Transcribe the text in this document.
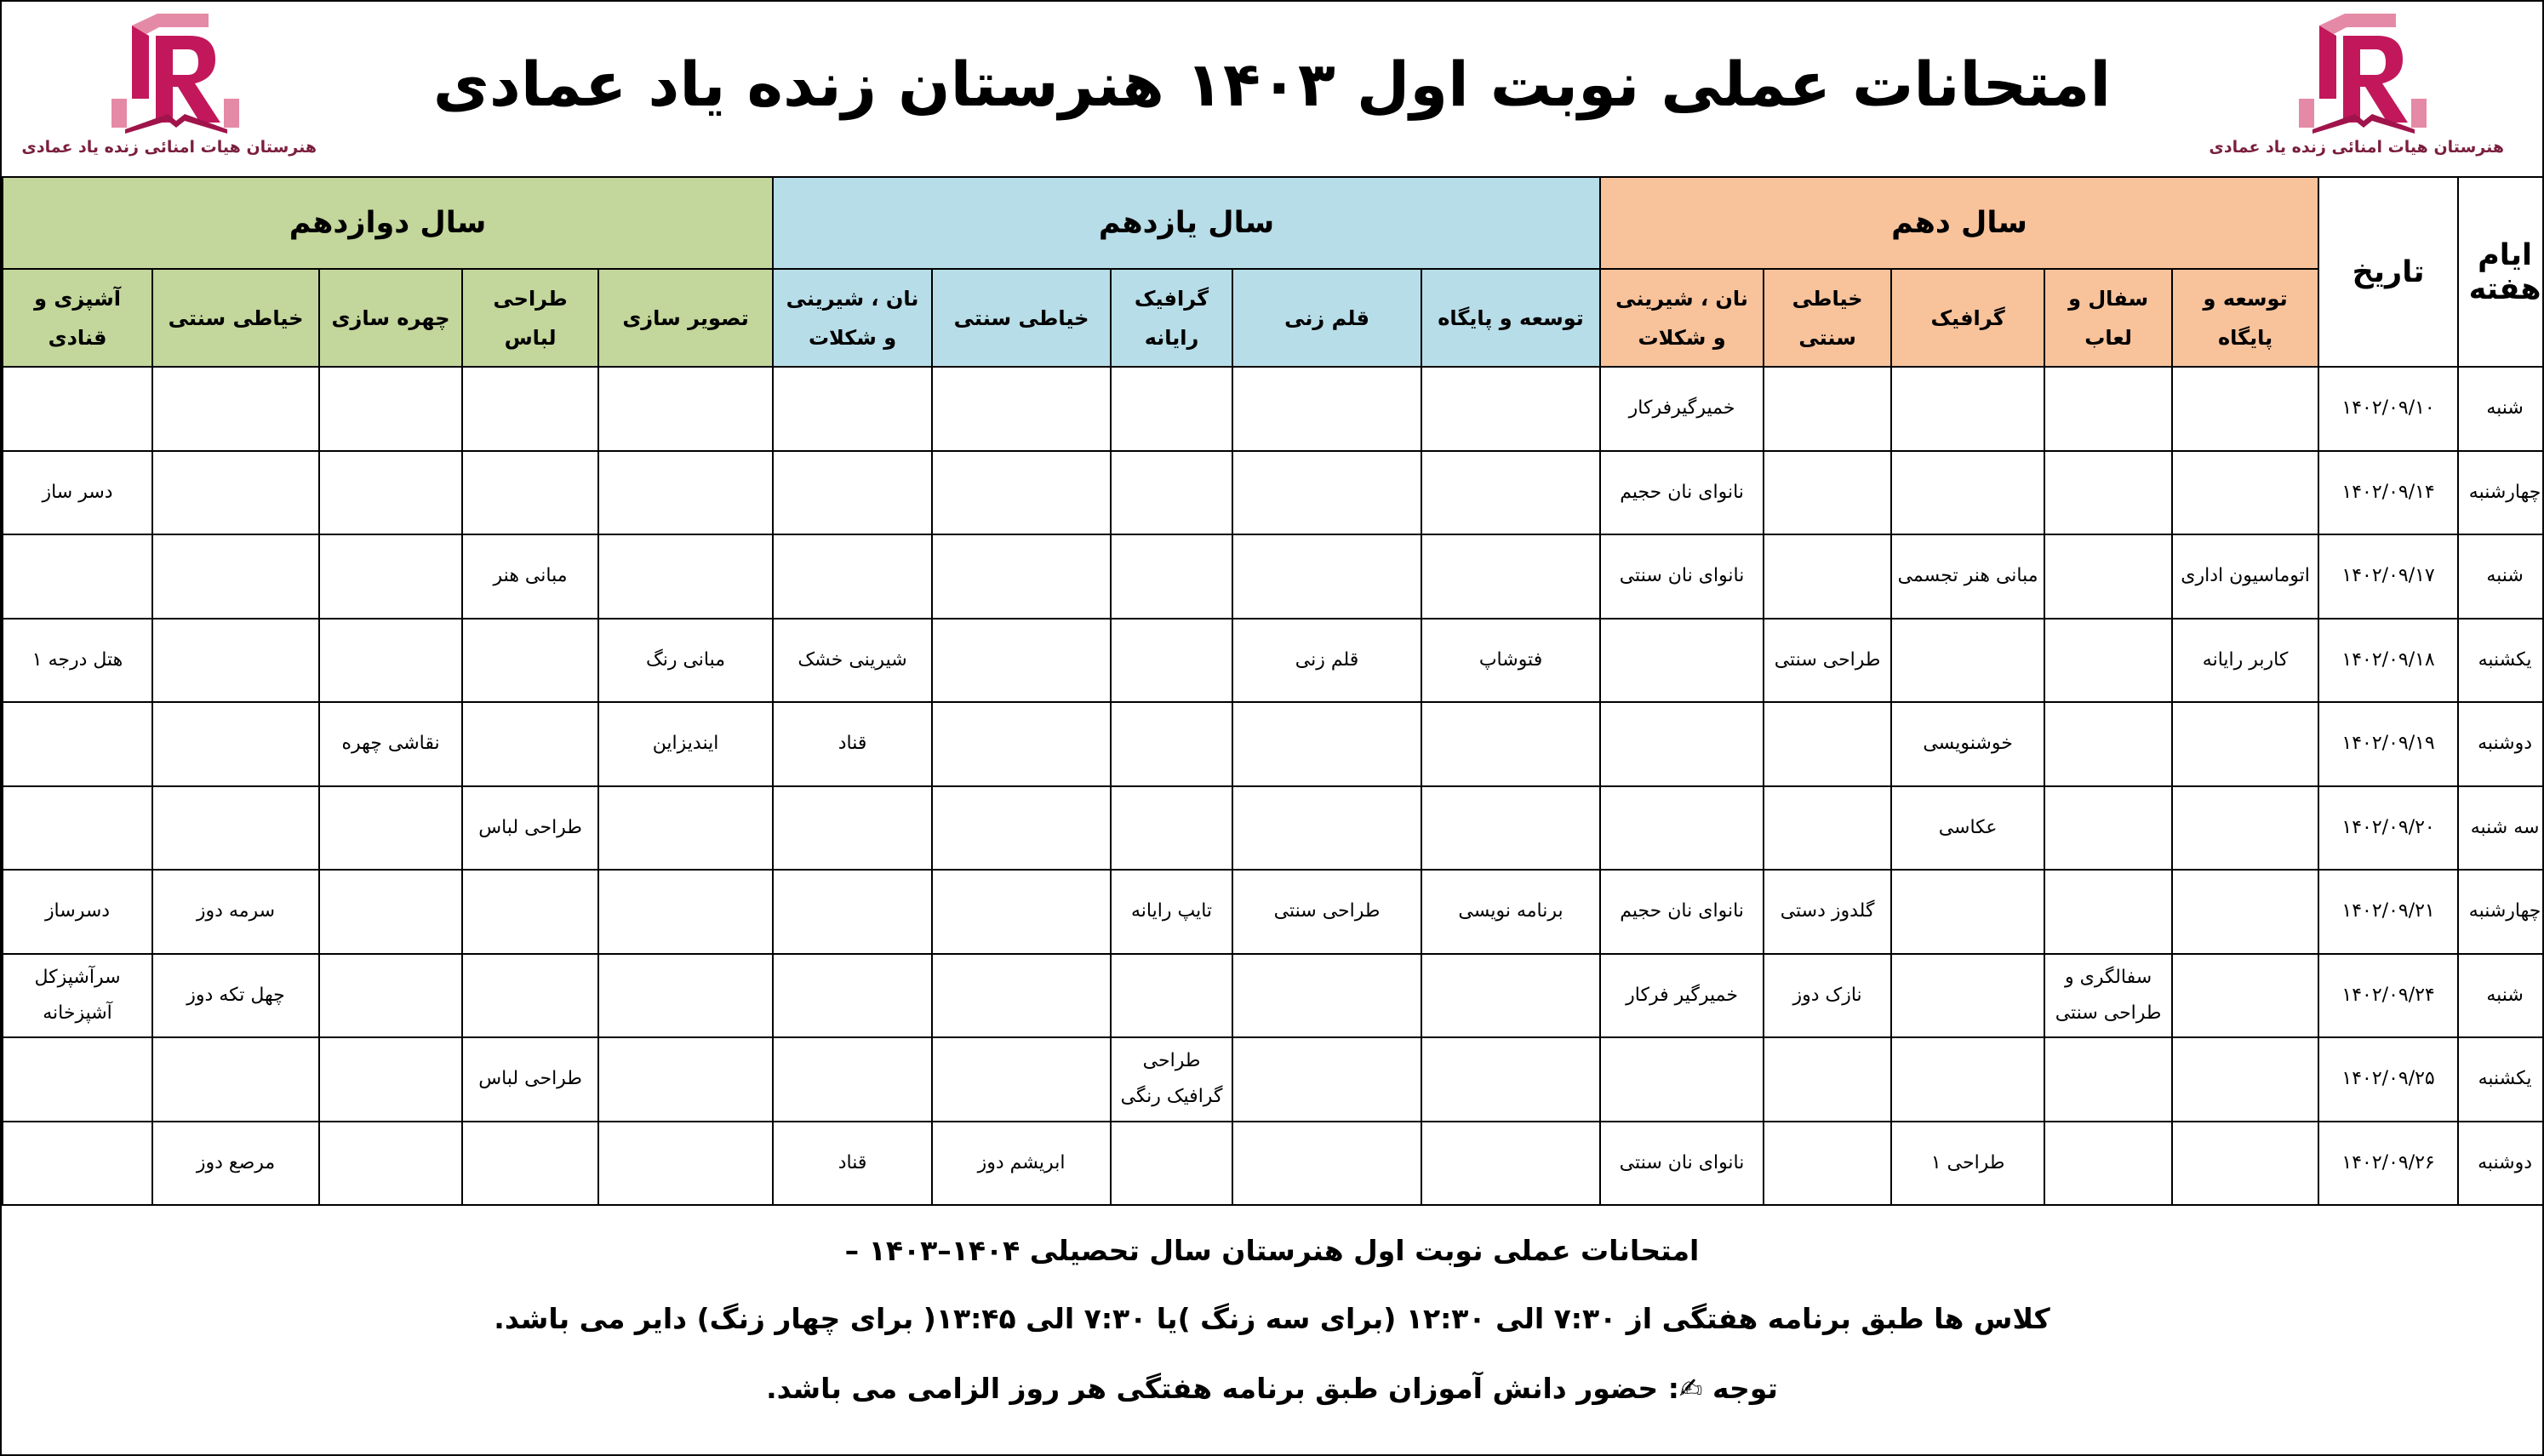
هنرستان هیات امنائی زنده یاد عمادی
امتحانات عملی نوبت اول ۱۴۰۳ هنرستان زنده یاد عمادی
هنرستان هیات امنائی زنده یاد عمادی
ایام هفته	تاریخ	سال دهم					سال یازدهم					سال دوازدهم				
		توسعه و پایگاه	سفال و لعاب	گرافیک	خیاطی سنتی	نان ، شیرینی و شکلات	توسعه و پایگاه	قلم زنی	گرافیک رایانه	خیاطی سنتی	نان ، شیرینی و شکلات	تصویر سازی	طراحی لباس	چهره سازی	خیاطی سنتی	آشپزی و قنادی
شنبه	۱۴۰۲/۰۹/۱۰					خمیرگیرفرکار										
چهارشنبه	۱۴۰۲/۰۹/۱۴					نانوای نان حجیم										دسر ساز
شنبه	۱۴۰۲/۰۹/۱۷	اتوماسیون اداری		مبانی هنر تجسمی		نانوای نان سنتی							مبانی هنر			
یکشنبه	۱۴۰۲/۰۹/۱۸	کاربر رایانه			طراحی سنتی		فتوشاپ	قلم زنی			شیرینی خشک	مبانی رنگ				هتل درجه ۱
دوشنبه	۱۴۰۲/۰۹/۱۹			خوشنویسی							قناد	ایندیزاین		نقاشی چهره		
سه شنبه	۱۴۰۲/۰۹/۲۰			عکاسی									طراحی لباس			
چهارشنبه	۱۴۰۲/۰۹/۲۱				گلدوز دستی	نانوای نان حجیم	برنامه نویسی	طراحی سنتی	تایپ رایانه						سرمه دوز	دسرساز
شنبه	۱۴۰۲/۰۹/۲۴		سفالگری و طراحی سنتی		نازک دوز	خمیرگیر فرکار									چهل تکه دوز	سرآشپزکل آشپزخانه
یکشنبه	۱۴۰۲/۰۹/۲۵								طراحی گرافیک رنگی				طراحی لباس			
دوشنبه	۱۴۰۲/۰۹/۲۶			طراحی ۱		نانوای نان سنتی				ابریشم دوز	قناد				مرصع دوز	

امتحانات عملی نوبت اول هنرستان سال تحصیلی ۱۴۰۴–۱۴۰۳ –

کلاس ها طبق برنامه هفتگی از ۷:۳۰ الی ۱۲:۳۰ (برای سه زنگ )یا ۷:۳۰ الی ۱۳:۴۵( برای چهار زنگ) دایر می باشد.

توجه ✍: حضور دانش آموزان طبق برنامه هفتگی هر روز الزامی می باشد.
